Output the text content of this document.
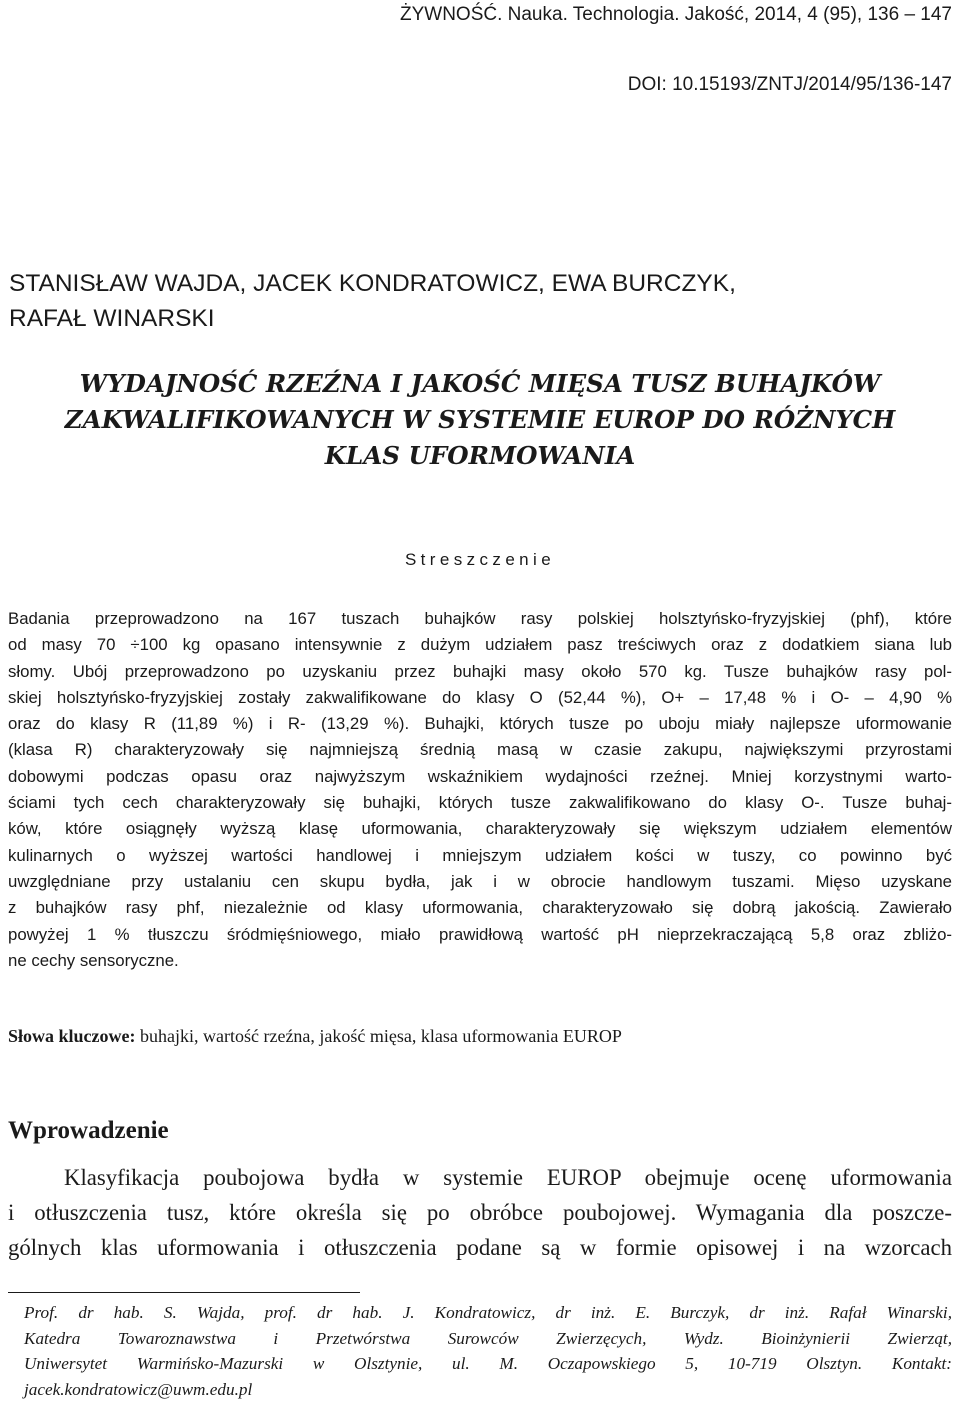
ŻYWNOŚĆ. Nauka. Technologia. Jakość, 2014, 4 (95), 136 – 147
DOI: 10.15193/ZNTJ/2014/95/136-147
STANISŁAW WAJDA, JACEK KONDRATOWICZ, EWA BURCZYK,
RAFAŁ WINARSKI
WYDAJNOŚĆ RZEŹNA I JAKOŚĆ MIĘSA TUSZ BUHAJKÓW
ZAKWALIFIKOWANYCH W SYSTEMIE EUROP DO RÓŻNYCH
KLAS UFORMOWANIA
Streszczenie
Badania przeprowadzono na 167 tuszach buhajków rasy polskiej holsztyńsko-fryzyjskiej (phf), które
od masy 70 ÷100 kg opasano intensywnie z dużym udziałem pasz treściwych oraz z dodatkiem siana lub
słomy. Ubój przeprowadzono po uzyskaniu przez buhajki masy około 570 kg. Tusze buhajków rasy pol-
skiej holsztyńsko-fryzyjskiej zostały zakwalifikowane do klasy O (52,44 %), O+ – 17,48 % i O- – 4,90 %
oraz do klasy R (11,89 %) i R- (13,29 %). Buhajki, których tusze po uboju miały najlepsze uformowanie
(klasa R) charakteryzowały się najmniejszą średnią masą w czasie zakupu, największymi przyrostami
dobowymi podczas opasu oraz najwyższym wskaźnikiem wydajności rzeźnej. Mniej korzystnymi warto-
ściami tych cech charakteryzowały się buhajki, których tusze zakwalifikowano do klasy O-. Tusze buhaj-
ków, które osiągnęły wyższą klasę uformowania, charakteryzowały się większym udziałem elementów
kulinarnych o wyższej wartości handlowej i mniejszym udziałem kości w tuszy, co powinno być
uwzględniane przy ustalaniu cen skupu bydła, jak i w obrocie handlowym tuszami. Mięso uzyskane
z buhajków rasy phf, niezależnie od klasy uformowania, charakteryzowało się dobrą jakością. Zawierało
powyżej 1 % tłuszczu śródmięśniowego, miało prawidłową wartość pH nieprzekraczającą 5,8 oraz zbliżo-
ne cechy sensoryczne.
Słowa kluczowe: buhajki, wartość rzeźna, jakość mięsa, klasa uformowania EUROP
Wprowadzenie
Klasyfikacja poubojowa bydła w systemie EUROP obejmuje ocenę uformowania
i otłuszczenia tusz, które określa się po obróbce poubojowej. Wymagania dla poszcze-
gólnych klas uformowania i otłuszczenia podane są w formie opisowej i na wzorcach
Prof. dr hab. S. Wajda, prof. dr hab. J. Kondratowicz, dr inż. E. Burczyk, dr inż. Rafał Winarski,
Katedra Towaroznawstwa i Przetwórstwa Surowców Zwierzęcych, Wydz. Bioinżynierii Zwierząt,
Uniwersytet Warmińsko-Mazurski w Olsztynie, ul. M. Oczapowskiego 5, 10-719 Olsztyn. Kontakt:
jacek.kondratowicz@uwm.edu.pl
